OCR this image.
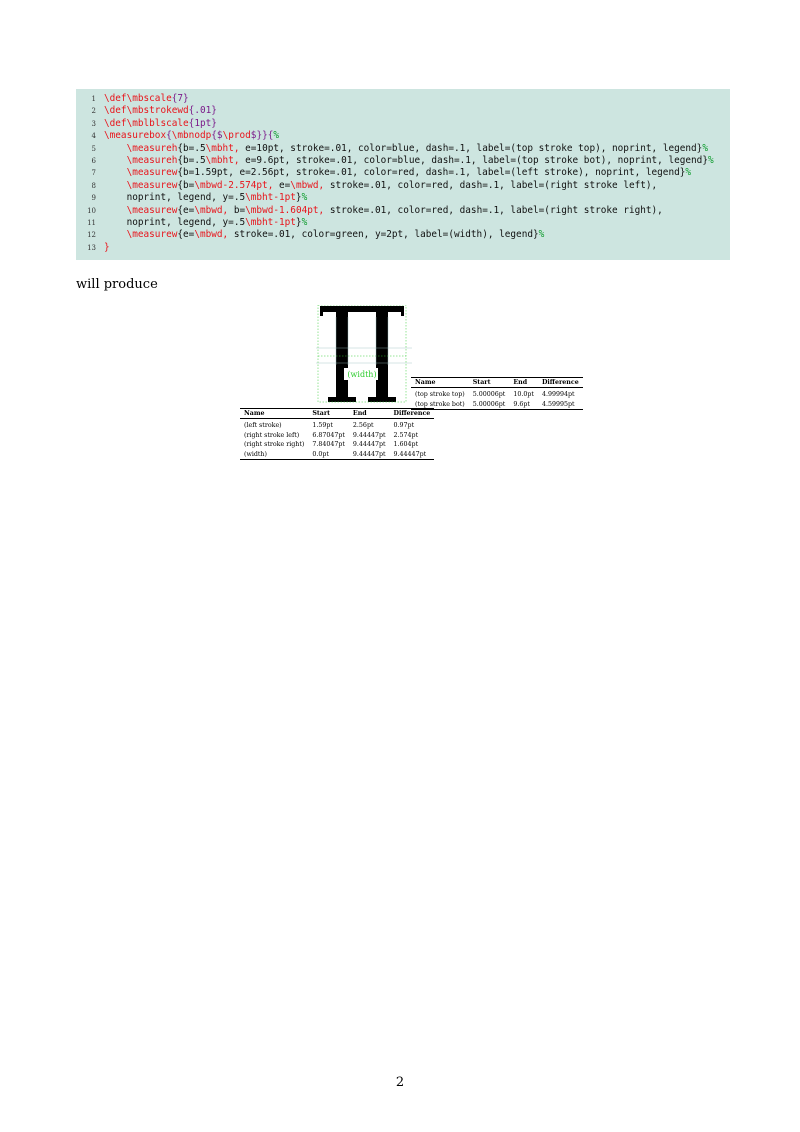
1 \def\mbscale{7}
2 \def\mbstrokewd{.01}
3 \def\mblblscale{1pt}
4 \measurebox{\mbnodp{$\prod$}}{%
5	\measureh{b=.5\mbht, e=10pt, stroke=.01, color=blue, dash=.1, label=(top stroke top), noprint, legend}%
6	\measureh{b=.5\mbht, e=9.6pt, stroke=.01, color=blue, dash=.1, label=(top stroke bot), noprint, legend}%
7	\measurew{b=1.59pt, e=2.56pt, stroke=.01, color=red, dash=.1, label=(left stroke), noprint, legend}%
8	\measurew{b=\mbwd-2.574pt, e=\mbwd, stroke=.01, color=red, dash=.1, label=(right stroke left),
9 noprint, legend, y=.5\mbht-1pt}%
10	\measurew{e=\mbwd, b=\mbwd-1.604pt, stroke=.01, color=red, dash=.1, label=(right stroke right),
11 noprint, legend, y=.5\mbht-1pt}%
12	\measurew{e=\mbwd, stroke=.01, color=green, y=2pt, label=(width), legend}%
13 }
will produce
(width)
Name	Start	End	Difference
(top stroke top)	5.00006pt	10.0pt	4.99994pt
(top stroke bot)	5.00006pt	9.6pt	4.59995pt
Name	Start	End	Difference
(left stroke)	1.59pt	2.56pt	0.97pt
(right stroke left)	6.87047pt	9.44447pt	2.574pt
(right stroke right)	7.84047pt	9.44447pt	1.604pt
(width)	0.0pt	9.44447pt	9.44447pt
2
